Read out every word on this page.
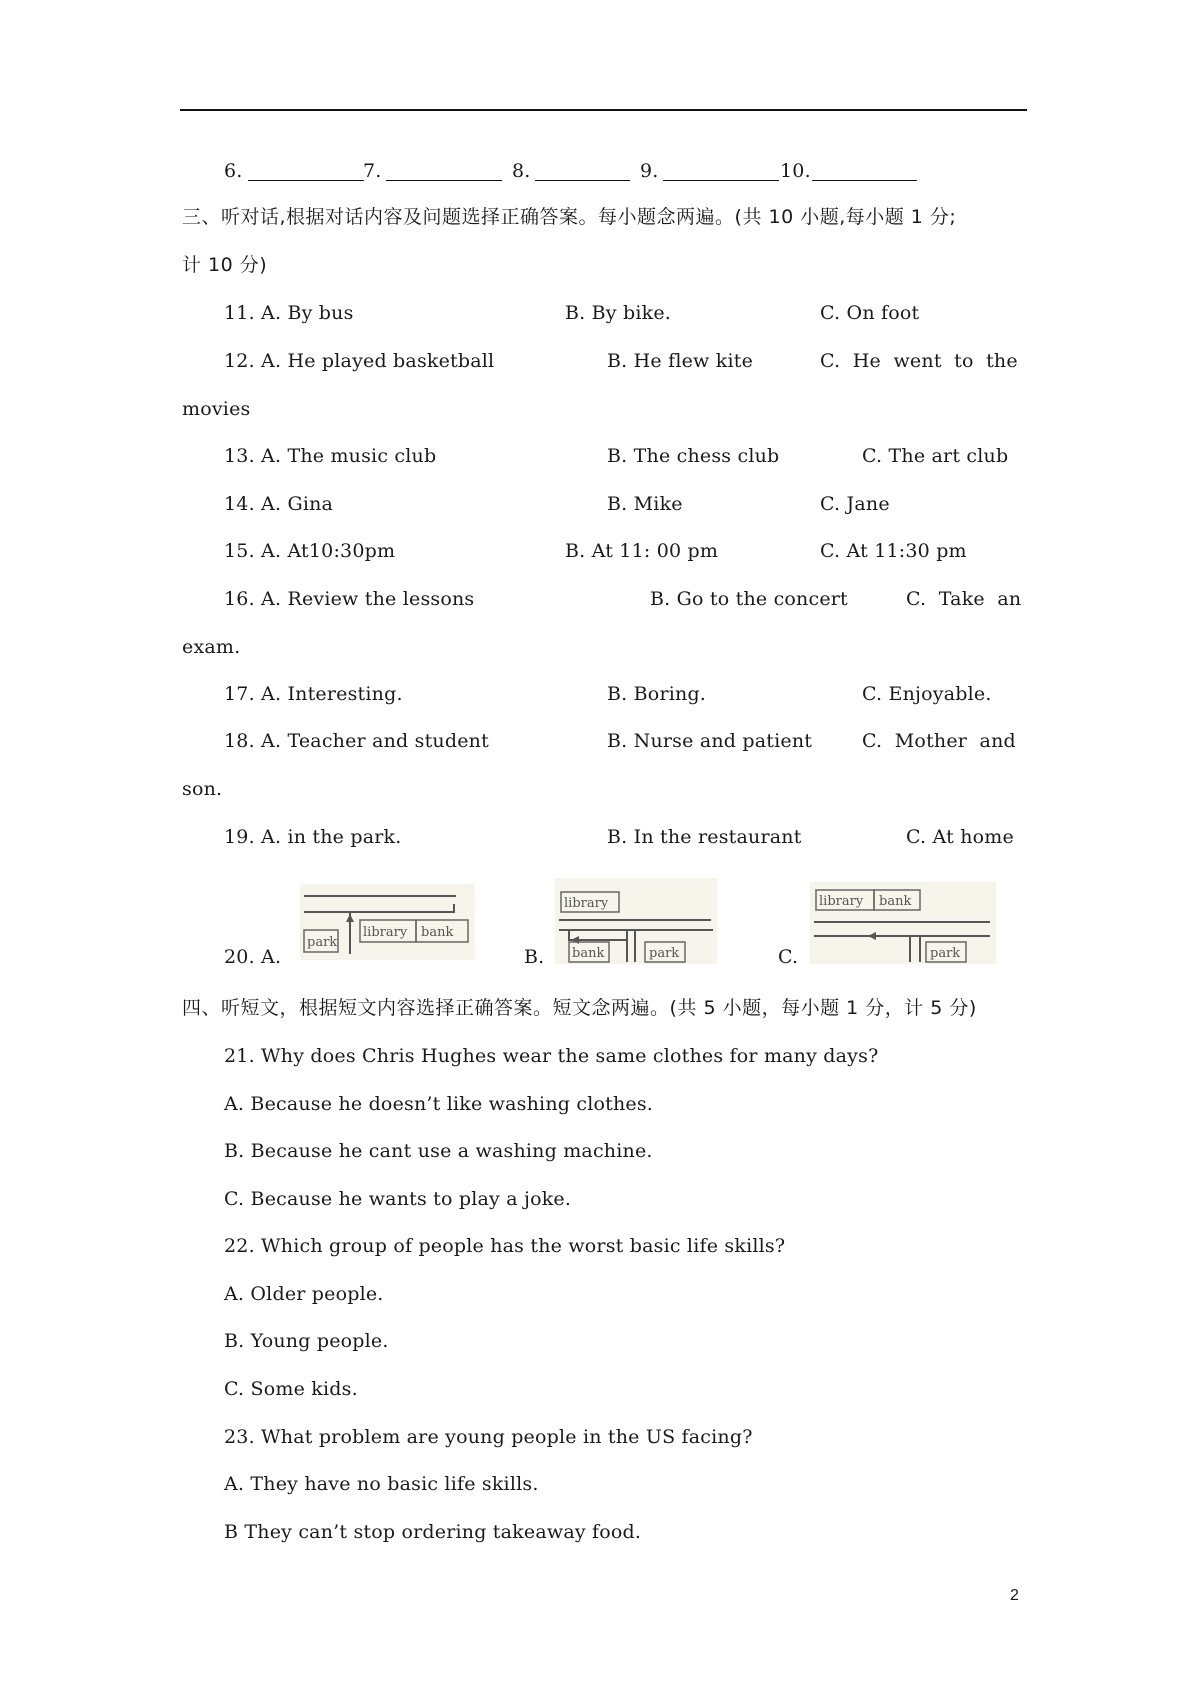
6.	7.	8.	9.	10.
三、听对话,根据对话内容及问题选择正确答案。每小题念两遍。(共 10 小题,每小题 1 分;
计 10 分)
11. A. By bus	B. By bike.	C. On foot
12. A. He played basketball	B. He flew kite	C.  He  went  to  the
movies
13. A. The music club	B. The chess club	C. The art club
14. A. Gina	B. Mike	C. Jane
15. A. At10:30pm	B. At 11: 00 pm	C. At 11:30 pm
16. A. Review the lessons	B. Go to the concert	C.  Take  an
exam.
17. A. Interesting.	B. Boring.	C. Enjoyable.
18. A. Teacher and student	B. Nurse and patient	C.  Mother  and
son.
19. A. in the park.	B. In the restaurant	C. At home
20. A.
park
library bank
B.
library
bank	park	C.
library bank
park
四、听短文，根据短文内容选择正确答案。短文念两遍。(共 5 小题，每小题 1 分，计 5 分)
21. Why does Chris Hughes wear the same clothes for many days?
A. Because he doesn’t like washing clothes.
B. Because he cant use a washing machine.
C. Because he wants to play a joke.
22. Which group of people has the worst basic life skills?
A. Older people.
B. Young people.
C. Some kids.
23. What problem are young people in the US facing?
A. They have no basic life skills.
B They can’t stop ordering takeaway food.
2
